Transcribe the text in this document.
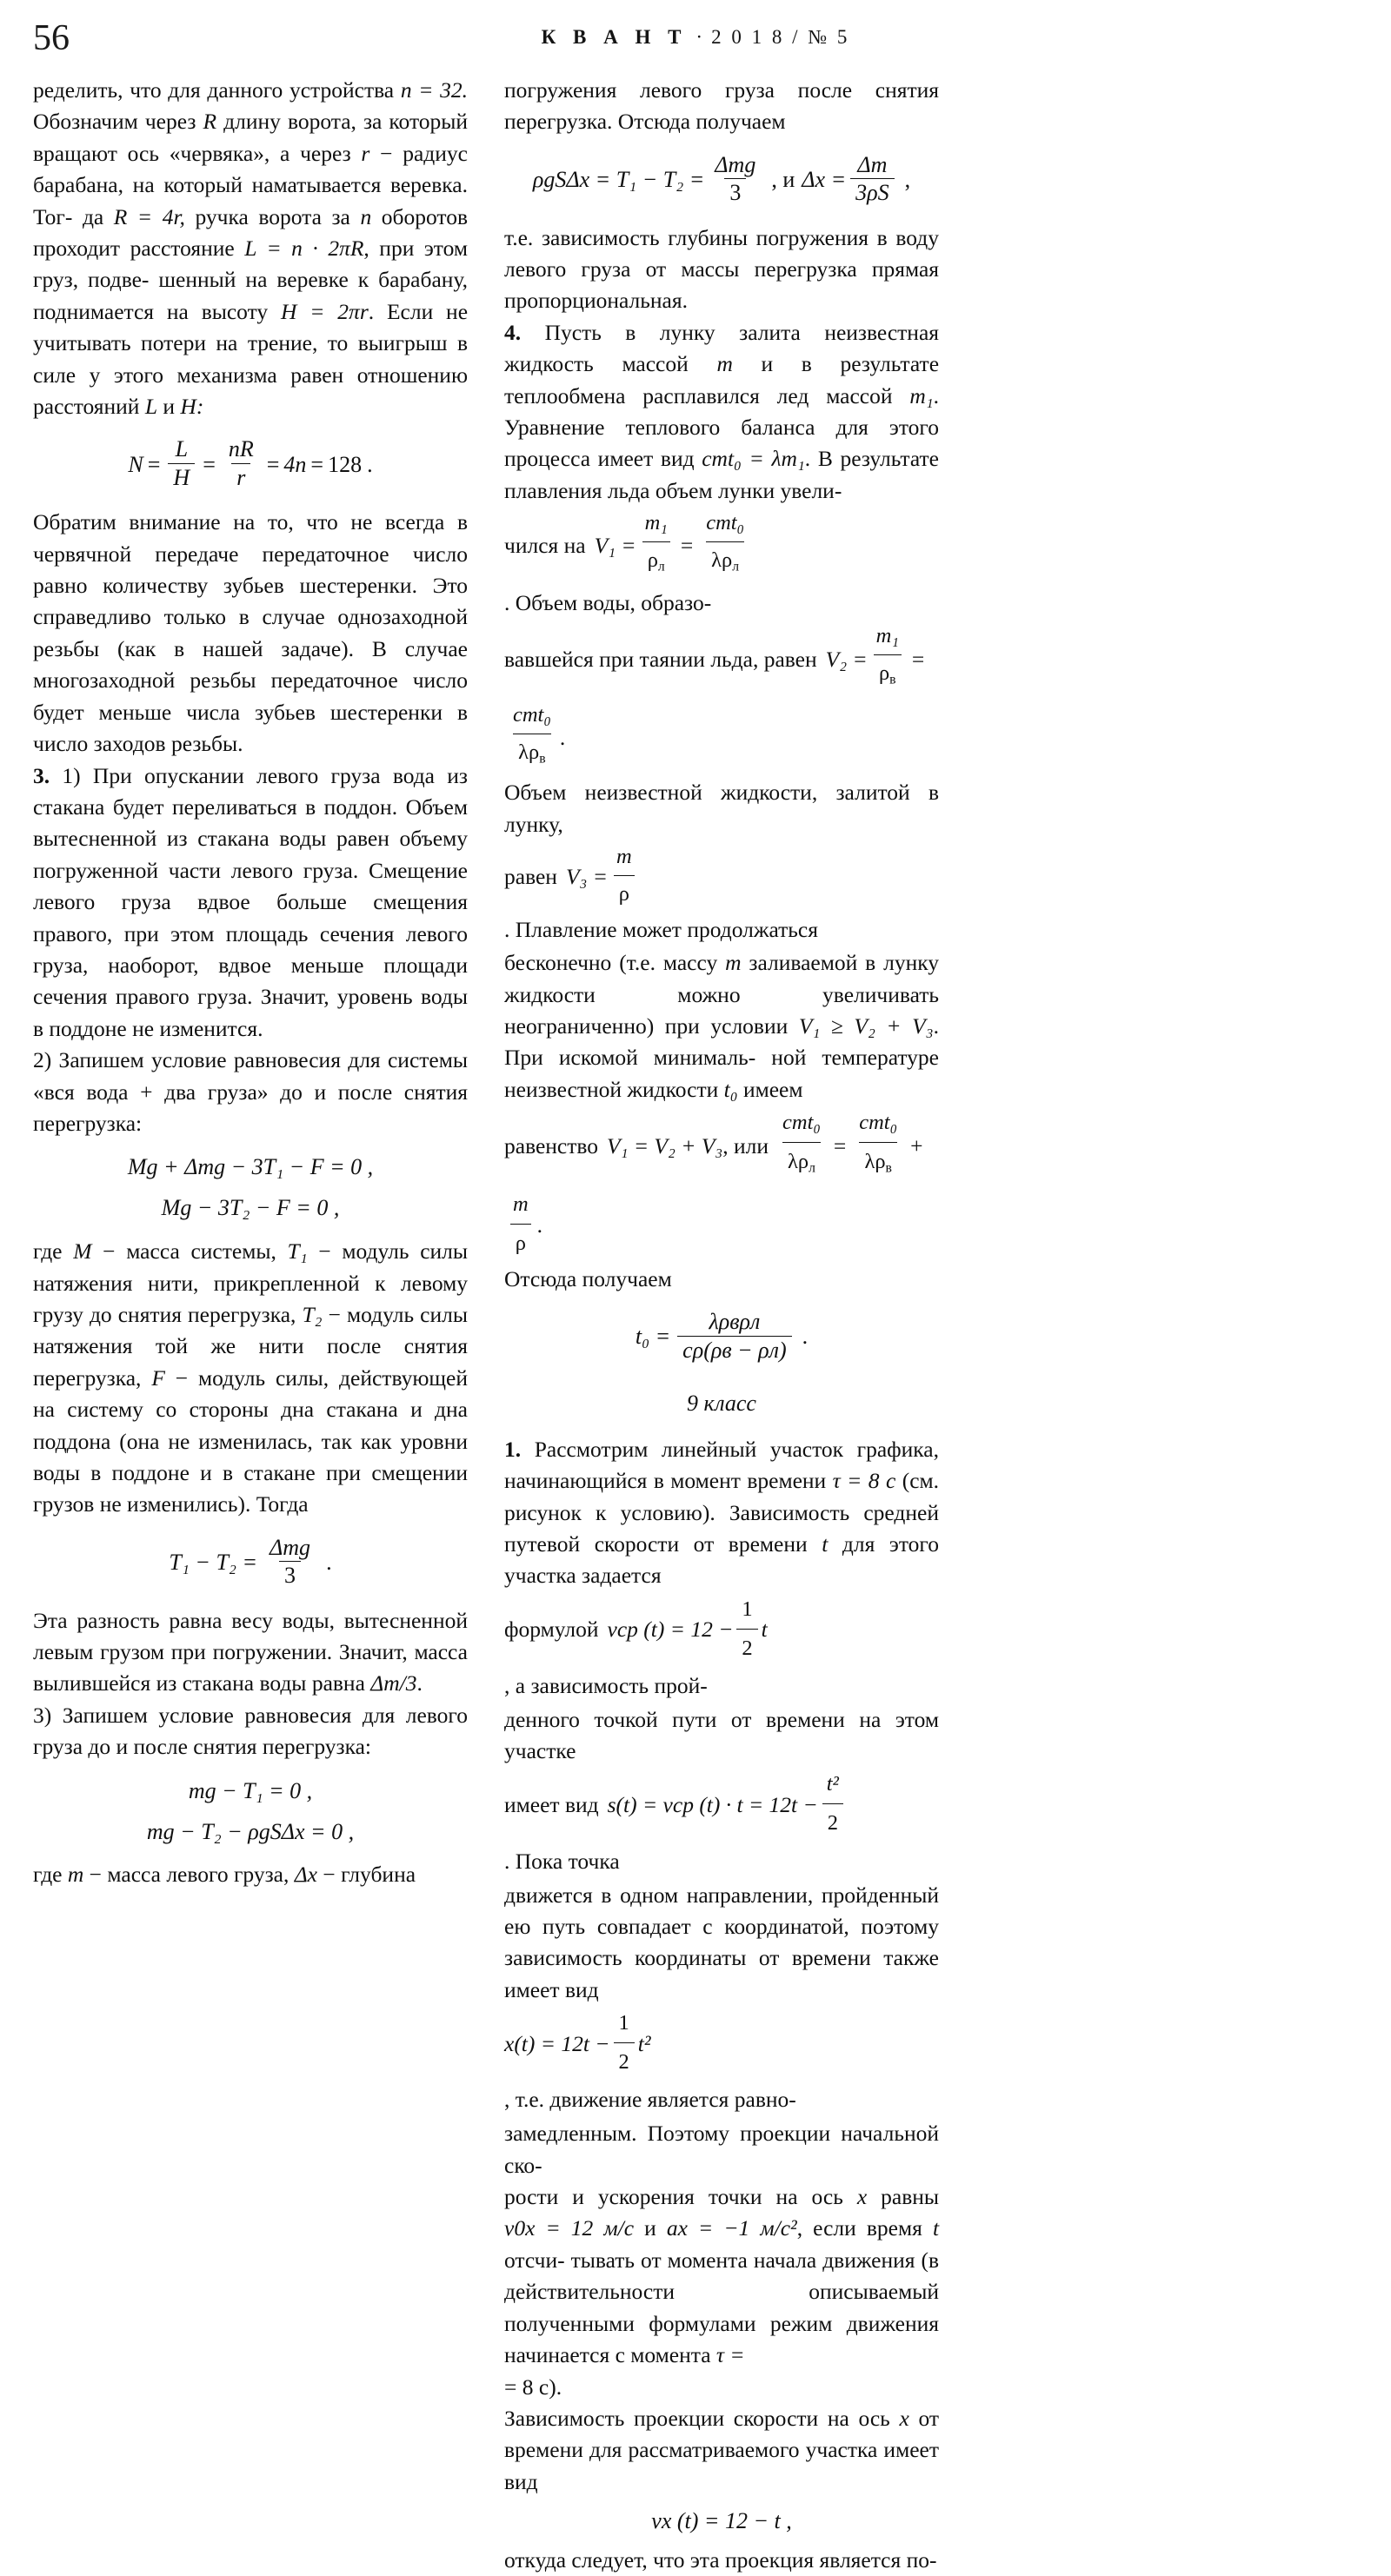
56	К В А Н Т · 2 0 1 8 / № 5

ределить, что для данного устройства n = 32. Обозначим через R длину ворота, за который вращают ось «червяка», а через r − радиус барабана, на который наматывается веревка. Тог- да R = 4r, ручка ворота за n оборотов проходит расстояние L = n · 2πR, при этом груз, подве- шенный на веревке к барабану, поднимается на высоту H = 2πr. Если не учитывать потери на трение, то выигрыш в силе у этого механизма равен отношению расстояний L и H:

$N = \frac{L}{H} = \frac{nR}{r} = 4n = 128$ .

Обратим внимание на то, что не всегда в червячной передаче передаточное число равно количеству зубьев шестеренки. Это справедливо только в случае однозаходной резьбы (как в нашей задаче). В случае многозаходной резьбы передаточное число будет меньше числа зубьев шестеренки в число заходов резьбы.

3. 1) При опускании левого груза вода из стакана будет переливаться в поддон. Объем вытесненной из стакана воды равен объему погруженной части левого груза. Смещение левого груза вдвое больше смещения правого, при этом площадь сечения левого груза, наоборот, вдвое меньше площади сечения правого груза. Значит, уровень воды в поддоне не изменится.

2) Запишем условие равновесия для системы «вся вода + два груза» до и после снятия перегрузка:

Mg + Δmg − 3T₁ − F = 0 ,
Mg − 3T₂ − F = 0 ,

где M − масса системы, T₁ − модуль силы натяжения нити, прикрепленной к левому грузу до снятия перегрузка, T₂ − модуль силы натяжения той же нити после снятия перегрузка, F − модуль силы, действующей на систему со стороны дна стакана и дна поддона (она не изменилась, так как уровни воды в поддоне и в стакане при смещении грузов не изменились). Тогда

$T_1 - T_2 = \frac{\text{Δmg}}{3}$ .

Эта разность равна весу воды, вытесненной левым грузом при погружении. Значит, масса вылившейся из стакана воды равна Δm/3.

3) Запишем условие равновесия для левого груза до и после снятия перегрузка:

mg − T₁ = 0 ,
mg − T₂ − ρgSΔx = 0 ,

где m − масса левого груза, Δx − глубина

погружения левого груза после снятия перегрузка. Отсюда получаем

$\rho gS\Delta x = T_1 - T_2 = \frac{\text{Δmg}}{3}$ , и $\Delta x = \frac{\Delta m}{3\rho S}$ ,

т.е. зависимость глубины погружения в воду левого груза от массы перегрузка прямая пропорциональная.

4. Пусть в лунку залита неизвестная жидкость массой m и в результате теплообмена расплавился лед массой m₁. Уравнение теплового баланса для этого процесса имеет вид cmt₀ = λm₁. В результате плавления льда объем лунки увели-

чился на $V_1 = \frac{\text{m₁}}{\rho_л} = \frac{\text{cmt₀}}{\lambda\rho_л}$
. Объем воды, образо-

вавшейся при таянии льда, равен $V_2 = \frac{\text{m₁}}{\rho_в}$ =
$\frac{\text{cmt₀}}{\lambda\rho_в}$ .

Объем неизвестной жидкости, залитой в лунку,

равен $V_3 = \frac{m}{\rho}$
. Плавление может продолжаться

бесконечно (т.е. массу m заливаемой в лунку жидкости можно увеличивать неограниченно) при условии V₁ ≥ V₂ + V₃. При искомой минималь- ной температуре неизвестной жидкости t₀ имеем

равенство V₁ = V₂ + V₃ , или $\frac{\text{cmt₀}}{\lambda\rho_л} = \frac{\text{cmt₀}}{\lambda\rho_в}$ +
$\frac{m}{\rho}$ .

Отсюда получаем

$t_0 = \frac{\text{λρвρл}}{c\rho(\rho в - \rho л)}$ .
9 класс

1. Рассмотрим линейный участок графика, начинающийся в момент времени τ = 8 с (см. рисунок к условию). Зависимость средней путевой скорости от времени t для этого участка задается

формулой vср $(t) = 12 - \frac{1}{2}$ t
, а зависимость прой-

денного точкой пути от времени на этом участке

имеет вид s(t) = vср $(t) \cdot t = 12t - \frac{\text{t²}}{2}$
. Пока точка

движется в одном направлении, пройденный ею путь совпадает с координатой, поэтому зависимость координаты от времени также имеет вид

$x(t) = 12t - \frac{1}{2} t^2$
, т.е. движение является равно-

замедленным. Поэтому проекции начальной ско-

рости и ускорения точки на ось x равны v0x = 12 м/с и ax = −1 м/с², если время t отсчи- тывать от момента начала движения (в действительности описываемый полученными формулами режим движения начинается с момента τ =

= 8 с).

Зависимость проекции скорости на ось x от времени для рассматриваемого участка имеет вид

vx (t) = 12 − t ,

откуда следует, что эта проекция является по-
